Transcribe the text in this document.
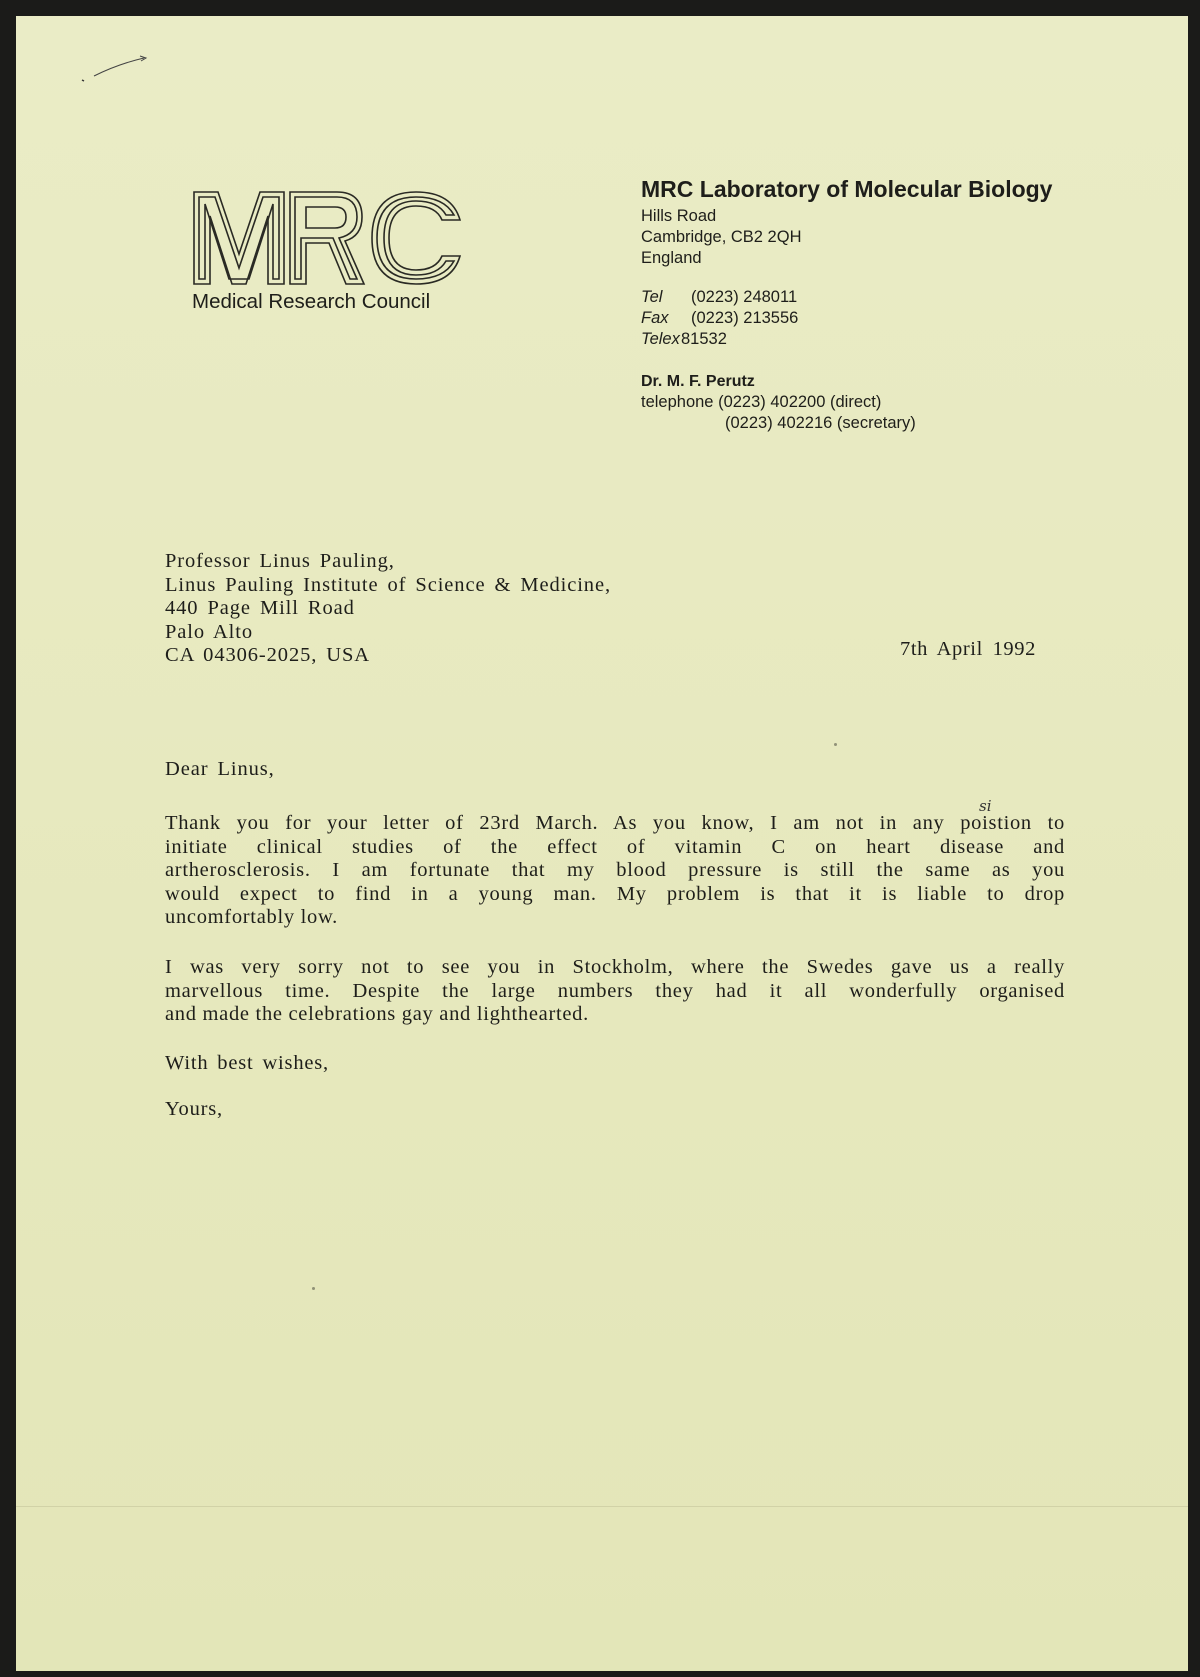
Medical Research Council
MRC Laboratory of Molecular Biology
Hills Road
Cambridge, CB2 2QH
England
Tel (0223) 248011
Fax (0223) 213556
Telex81532
Dr. M. F. Perutz
telephone (0223) 402200 (direct)
(0223) 402216 (secretary)
Professor Linus Pauling,
Linus Pauling Institute of Science & Medicine,
440 Page Mill Road
Palo Alto
CA 04306-2025, USA	7th April 1992
Dear Linus,
si
Thank you for your letter of 23rd March. As you know, I am not in any poistion to
initiate clinical studies of the effect of vitamin C on heart disease and
artherosclerosis. I am fortunate that my blood pressure is still the same as you
would expect to find in a young man. My problem is that it is liable to drop
uncomfortably low.
I was very sorry not to see you in Stockholm, where the Swedes gave us a really
marvellous time. Despite the large numbers they had it all wonderfully organised
and made the celebrations gay and lighthearted.
With best wishes,
Yours,
